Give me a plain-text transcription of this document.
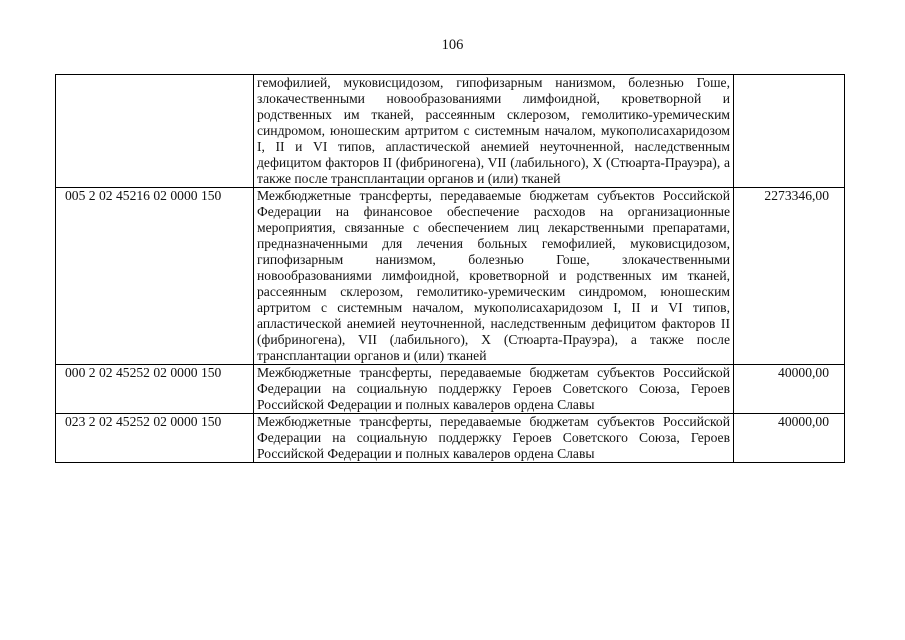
106
	гемофилией, муковисцидозом, гипофизарным нанизмом, болезнью Гоше, злокачественными новообразованиями лимфоидной, кроветворной и родственных им тканей, рассеянным склерозом, гемолитико-уремическим синдромом, юношеским артритом с системным началом, мукополисахаридозом I, II и VI типов, апластической анемией неуточненной, наследственным дефицитом факторов II (фибриногена), VII (лабильного), X (Стюарта-Прауэра), а также после трансплантации органов и (или) тканей	
005 2 02 45216 02 0000 150	Межбюджетные трансферты, передаваемые бюджетам субъектов Российской Федерации на финансовое обеспечение расходов на организационные мероприятия, связанные с обеспечением лиц лекарственными препаратами, предназначенными для лечения больных гемофилией, муковисцидозом, гипофизарным нанизмом, болезнью Гоше, злокачественными новообразованиями лимфоидной, кроветворной и родственных им тканей, рассеянным склерозом, гемолитико-уремическим синдромом, юношеским артритом с системным началом, мукополисахаридозом I, II и VI типов, апластической анемией неуточненной, наследственным дефицитом факторов II (фибриногена), VII (лабильного), X (Стюарта-Прауэра), а также после трансплантации органов и (или) тканей	2273346,00
000 2 02 45252 02 0000 150	Межбюджетные трансферты, передаваемые бюджетам субъектов Российской Федерации на социальную поддержку Героев Советского Союза, Героев Российской Федерации и полных кавалеров ордена Славы	40000,00
023 2 02 45252 02 0000 150	Межбюджетные трансферты, передаваемые бюджетам субъектов Российской Федерации на социальную поддержку Героев Советского Союза, Героев Российской Федерации и полных кавалеров ордена Славы	40000,00
